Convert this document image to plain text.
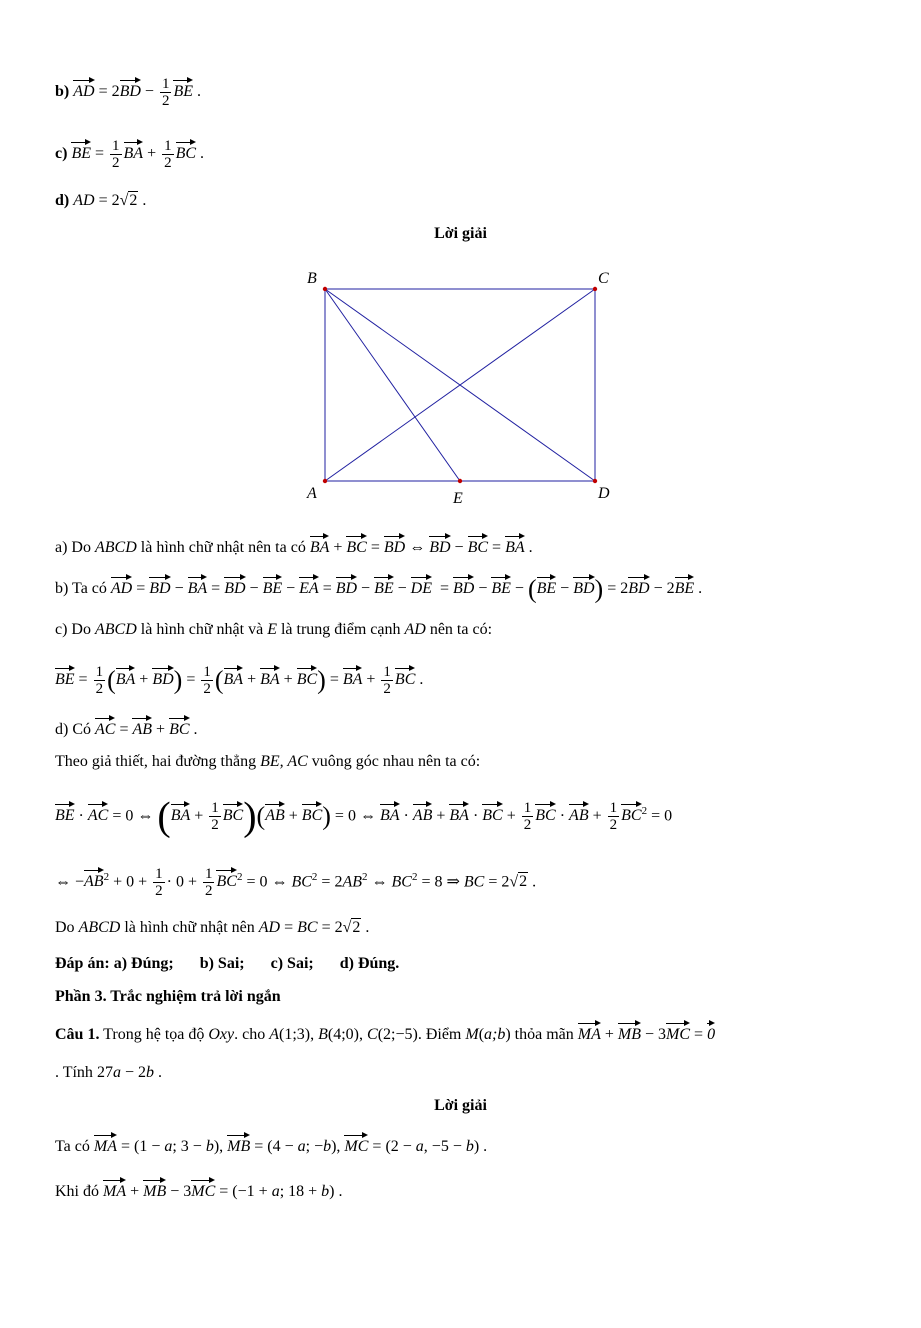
b) AD = $2BD - \frac{1}{2}$ BE .
c) BE = $\frac{1}{2}$ BA + $\frac{1}{2}$ BC .
d) AD = 2√2 .
Lời giải
B	C
A	E	D
a) Do ABCD là hình chữ nhật nên ta có BA + BC = BD ⇔ BD − BC = BA .
b) Ta có AD = BD − BA = BD − BE − EA = BD − BE − DE  = BD − BE − (BE − BD) = 2BD − 2BE .
c) Do ABCD là hình chữ nhật và E là trung điểm cạnh AD nên ta có:
BE = $\frac{1}{2} (BA + BD) = \frac{1}{2} (BA$ + BA + BC) = BA + $\frac{1}{2}$ BC .
d) Có AC = AB + BC .
Theo giả thiết, hai đường thẳng BE, AC vuông góc nhau nên ta có:
BE · AC = 0 ⇔ $(BA + \frac{1}{2} BC)(AB + BC) = 0$ ⇔ BA · AB + BA · BC + $\frac{1}{2}$ BC · AB + $\frac{1}{2} BC^2 = 0$
⇔ $-AB^2 + 0 + \frac{1}{2} \cdot 0 + \frac{1}{2} BC^2 = 0$ ⇔ $BC^2 = 2AB^2$ ⇔ $BC^2 = 8$ ⇒ BC = 2√2 .
Do ABCD là hình chữ nhật nên AD = BC = 2√2 .
Đáp án: a) Đúng; b) Sai; c) Sai; d) Đúng.
Phần 3. Trắc nghiệm trả lời ngắn
Câu 1. Trong hệ tọa độ Oxy. cho A(1;3), B(4;0), C(2;−5). Điểm M(a;b) thỏa mãn MA + MB − 3MC = 0
. Tính 27a − 2b .
Lời giải
Ta có MA = (1 − a; 3 − b), MB = (4 − a; −b), MC = (2 − a, −5 − b) .
Khi đó MA + MB − 3MC = (−1 + a; 18 + b) .
